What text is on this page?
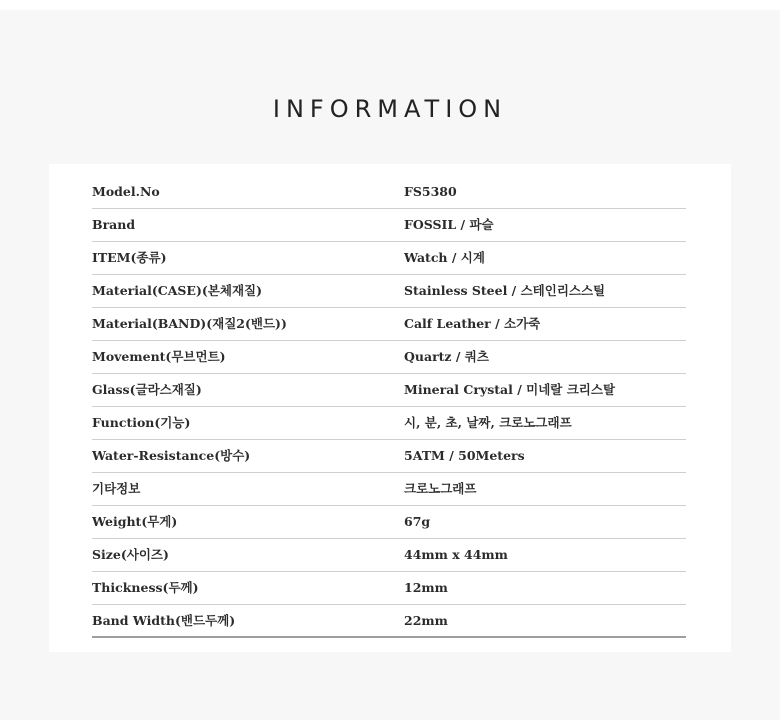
INFORMATION
Model.No	FS5380
Brand	FOSSIL / 파슬
ITEM(종류)	Watch / 시계
Material(CASE)(본체재질)	Stainless Steel / 스테인리스스틸
Material(BAND)(재질2(밴드))	Calf Leather / 소가죽
Movement(무브먼트)	Quartz / 쿼츠
Glass(글라스재질)	Mineral Crystal / 미네랄 크리스탈
Function(기능)	시, 분, 초, 날짜, 크로노그래프
Water-Resistance(방수)	5ATM / 50Meters
기타정보	크로노그래프
Weight(무게)	67g
Size(사이즈)	44mm x 44mm
Thickness(두께)	12mm
Band Width(밴드두께)	22mm
